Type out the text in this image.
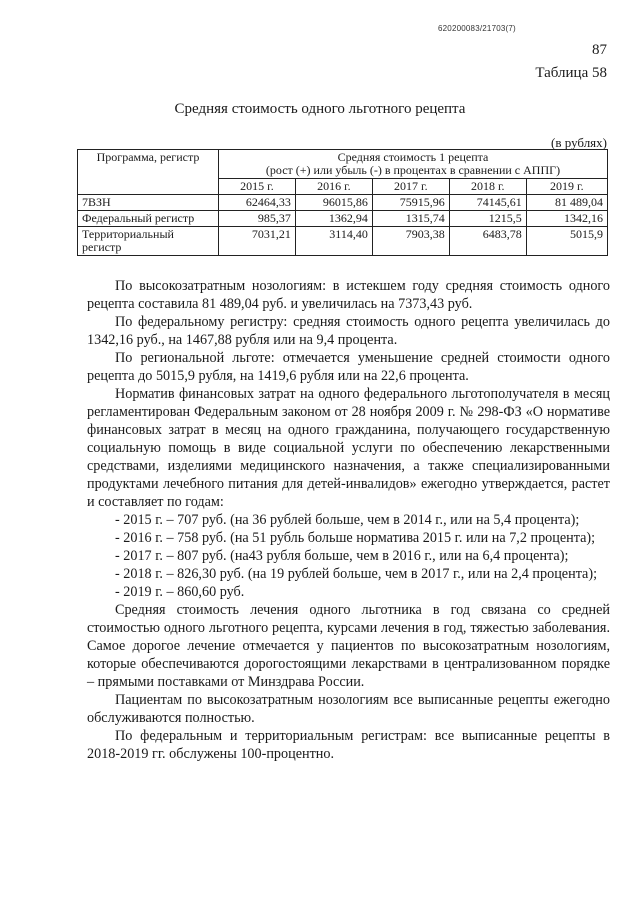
620200083/21703(7)
87
Таблица 58
Средняя стоимость одного льготного рецепта
(в рублях)
Программа, регистр	Средняя стоимость 1 рецепта
(рост (+) или убыль (-) в процентах в сравнении с АППГ)				

	2015 г.	2016 г.	2017 г.	2018 г.	2019 г.
7ВЗН	62464,33	96015,86	75915,96	74145,61	81 489,04
Федеральный регистр	985,37	1362,94	1315,74	1215,5	1342,16
Территориальный регистр	7031,21	3114,40	7903,38	6483,78	5015,9

По высокозатратным нозологиям: в истекшем году средняя стоимость одного рецепта составила 81 489,04 руб. и увеличилась на 7373,43 руб.

По федеральному регистру: средняя стоимость одного рецепта увеличилась до 1342,16 руб., на 1467,88 рубля или на 9,4 процента.

По региональной льготе: отмечается уменьшение средней стоимости одного рецепта до 5015,9 рубля, на 1419,6 рубля или на 22,6 процента.

Норматив финансовых затрат на одного федерального льготополучателя в месяц регламентирован Федеральным законом от 28 ноября 2009 г. № 298-ФЗ «О нормативе финансовых затрат в месяц на одного гражданина, получающего государственную социальную помощь в виде социальной услуги по обеспечению лекарственными средствами, изделиями медицинского назначения, а также специализированными продуктами лечебного питания для детей-инвалидов» ежегодно утверждается, растет и составляет по годам:

- 2015 г. – 707 руб. (на 36 рублей больше, чем в 2014 г., или на 5,4 процента);

- 2016 г. – 758 руб. (на 51 рубль больше норматива 2015 г. или на 7,2 процента);

- 2017 г. – 807 руб. (на43 рубля больше, чем в 2016 г., или на 6,4 процента);

- 2018 г. – 826,30 руб. (на 19 рублей больше, чем в 2017 г., или на 2,4 процента);

- 2019 г. – 860,60 руб.

Средняя стоимость лечения одного льготника в год связана со средней стоимостью одного льготного рецепта, курсами лечения в год, тяжестью заболевания. Самое дорогое лечение отмечается у пациентов по высокозатратным нозологиям, которые обеспечиваются дорогостоящими лекарствами в централизованном порядке – прямыми поставками от Минздрава России.

Пациентам по высокозатратным нозологиям все выписанные рецепты ежегодно обслуживаются полностью.

По федеральным и территориальным регистрам: все выписанные рецепты в 2018-2019 гг. обслужены 100-процентно.
